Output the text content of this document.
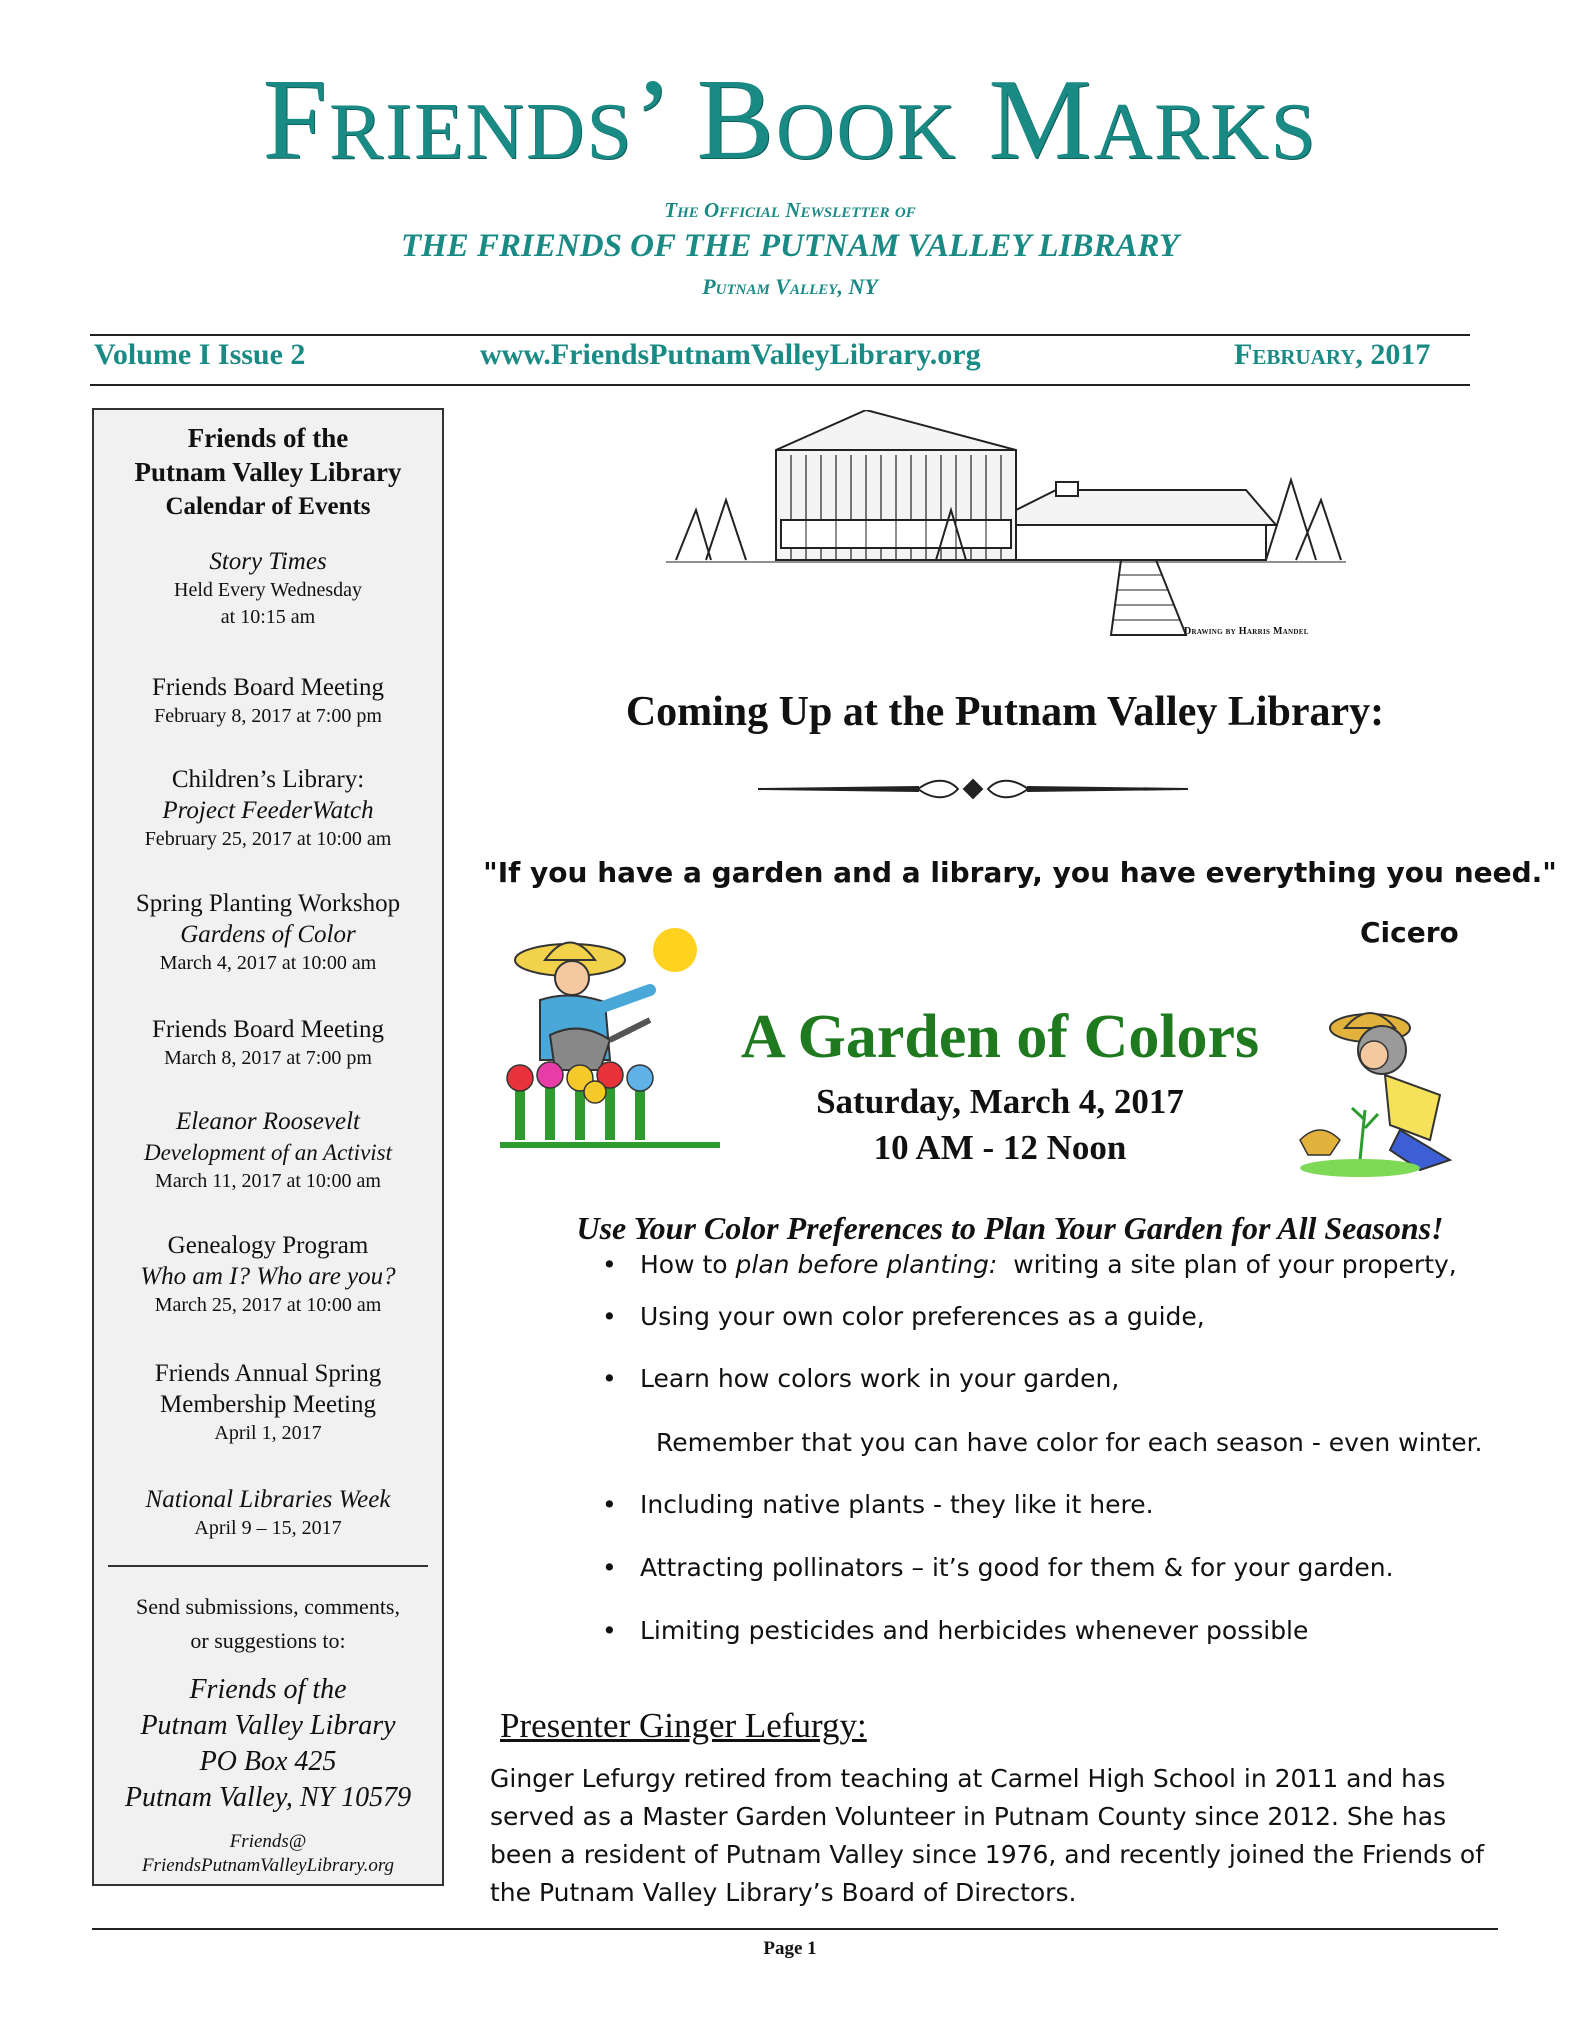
Friends’ Book Marks
The Official Newsletter of
THE FRIENDS OF THE PUTNAM VALLEY LIBRARY
Putnam Valley, NY
Volume I Issue 2	www.FriendsPutnamValleyLibrary.org	February, 2017
Friends of the
Putnam Valley Library
Calendar of Events
Story Times
Held Every Wednesday
at 10:15 am
Friends Board Meeting
February 8, 2017 at 7:00 pm
Children’s Library:
Project FeederWatch
February 25, 2017 at 10:00 am
Spring Planting Workshop
Gardens of Color
March 4, 2017 at 10:00 am
Friends Board Meeting
March 8, 2017 at 7:00 pm
Eleanor Roosevelt
Development of an Activist
March 11, 2017 at 10:00 am
Genealogy Program
Who am I? Who are you?
March 25, 2017 at 10:00 am
Friends Annual Spring
Membership Meeting
April 1, 2017
National Libraries Week
April 9 – 15, 2017
Send submissions, comments,
or suggestions to:
Friends of the
Putnam Valley Library
PO Box 425
Putnam Valley, NY 10579
Friends@
FriendsPutnamValleyLibrary.org
Drawing by Harris Mandel
Coming Up at the Putnam Valley Library:
"If you have a garden and a library, you have everything you need."
Cicero
A Garden of Colors
Saturday, March 4, 2017
10 AM - 12 Noon
Use Your Color Preferences to Plan Your Garden for All Seasons!
• How to plan before planting:  writing a site plan of your property,
• Using your own color preferences as a guide,
• Learn how colors work in your garden,
Remember that you can have color for each season - even winter.
• Including native plants - they like it here.
• Attracting pollinators – it’s good for them & for your garden.
• Limiting pesticides and herbicides whenever possible
Presenter Ginger Lefurgy:
Ginger Lefurgy retired from teaching at Carmel High School in 2011 and has served as a Master Garden Volunteer in Putnam County since 2012. She has been a resident of Putnam Valley since 1976, and recently joined the Friends of the Putnam Valley Library’s Board of Directors.
Page 1
